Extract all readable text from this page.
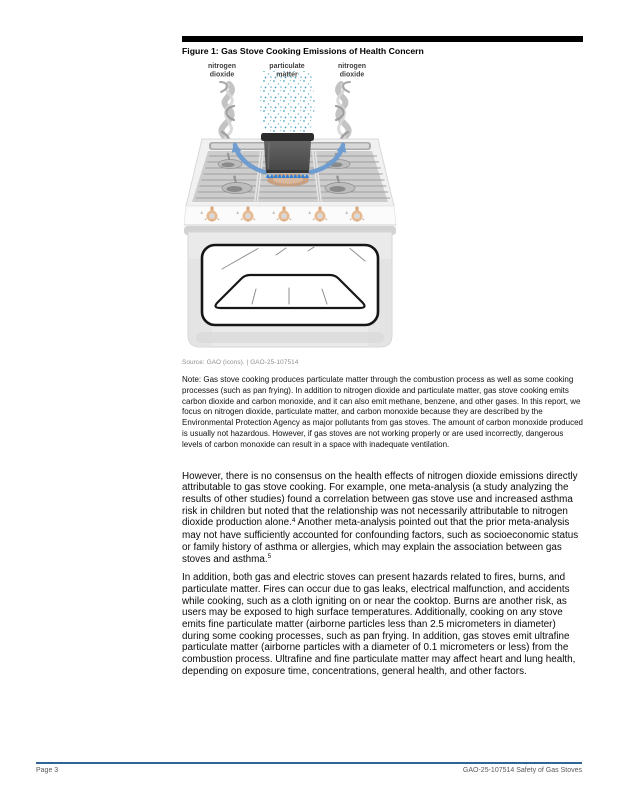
Figure 1: Gas Stove Cooking Emissions of Health Concern
nitrogen
dioxide
particulate	nitrogen
dioxide
A	A	A	A	A
Source: GAO (icons). | GAO-25-107514

Note: Gas stove cooking produces particulate matter through the combustion process as well as some cooking processes (such as pan frying). In addition to nitrogen dioxide and particulate matter, gas stove cooking emits carbon dioxide and carbon monoxide, and it can also emit methane, benzene, and other gases. In this report, we focus on nitrogen dioxide, particulate matter, and carbon monoxide because they are described by the Environmental Protection Agency as major pollutants from gas stoves. The amount of carbon monoxide produced is usually not hazardous. However, if gas stoves are not working properly or are used incorrectly, dangerous levels of carbon monoxide can result in a space with inadequate ventilation.

However, there is no consensus on the health effects of nitrogen dioxide emissions directly attributable to gas stove cooking. For example, one meta-analysis (a study analyzing the results of other studies) found a correlation between gas stove use and increased asthma risk in children but noted that the relationship was not necessarily attributable to nitrogen dioxide production alone.$^4$ Another meta-analysis pointed out that the prior meta-analysis may not have sufficiently accounted for confounding factors, such as socioeconomic status or family history of asthma or allergies, which may explain the association between gas stoves and asthma.$^5$

In addition, both gas and electric stoves can present hazards related to fires, burns, and particulate matter. Fires can occur due to gas leaks, electrical malfunction, and accidents while cooking, such as a cloth igniting on or near the cooktop. Burns are another risk, as users may be exposed to high surface temperatures. Additionally, cooking on any stove emits fine particulate matter (airborne particles less than 2.5 micrometers in diameter) during some cooking processes, such as pan frying. In addition, gas stoves emit ultrafine particulate matter (airborne particles with a diameter of 0.1 micrometers or less) from the combustion process. Ultrafine and fine particulate matter may affect heart and lung health, depending on exposure time, concentrations, general health, and other factors.

Page 3	GAO-25-107514 Safety of Gas Stoves
